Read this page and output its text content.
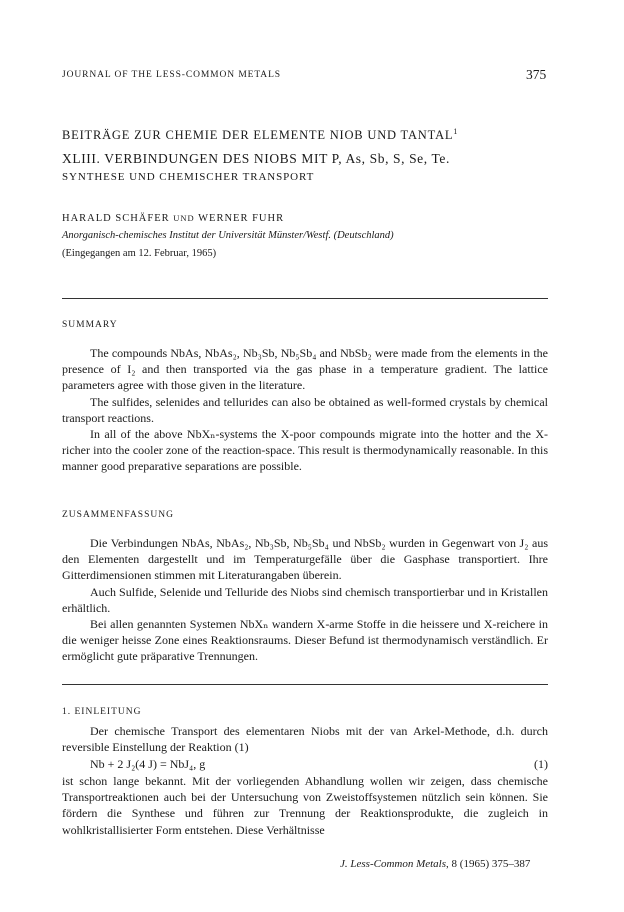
JOURNAL OF THE LESS-COMMON METALS	375
BEITRÄGE ZUR CHEMIE DER ELEMENTE NIOB UND TANTAL$^1$
XLIII. VERBINDUNGEN DES NIOBS MIT P, As, Sb, S, Se, Te.
SYNTHESE UND CHEMISCHER TRANSPORT
HARALD SCHÄFER UND WERNER FUHR
Anorganisch-chemisches Institut der Universität Münster/Westf. (Deutschland)
(Eingegangen am 12. Februar, 1965)
SUMMARY

The compounds NbAs, NbAs₂, Nb₃Sb, Nb₅Sb₄ and NbSb₂ were made from the elements in the presence of I₂ and then transported via the gas phase in a temperature gradient. The lattice parameters agree with those given in the literature.

The sulfides, selenides and tellurides can also be obtained as well-formed crystals by chemical transport reactions.

In all of the above NbXₙ-systems the X-poor compounds migrate into the hotter and the X-richer into the cooler zone of the reaction-space. This result is thermodynamically reasonable. In this manner good preparative separations are possible.

ZUSAMMENFASSUNG

Die Verbindungen NbAs, NbAs₂, Nb₃Sb, Nb₅Sb₄ und NbSb₂ wurden in Gegenwart von J₂ aus den Elementen dargestellt und im Temperaturgefälle über die Gasphase transportiert. Ihre Gitterdimensionen stimmen mit Literaturangaben überein.

Auch Sulfide, Selenide und Telluride des Niobs sind chemisch transportierbar und in Kristallen erhältlich.

Bei allen genannten Systemen NbXₙ wandern X-arme Stoffe in die heissere und X-reichere in die weniger heisse Zone eines Reaktionsraums. Dieser Befund ist thermodynamisch verständlich. Er ermöglicht gute präparative Trennungen.

1. EINLEITUNG

Der chemische Transport des elementaren Niobs mit der van Arkel-Methode, d.h. durch reversible Einstellung der Reaktion (1)

Nb + 2 J₂(4 J) = NbJ₄, g	(1)

ist schon lange bekannt. Mit der vorliegenden Abhandlung wollen wir zeigen, dass chemische Transportreaktionen auch bei der Untersuchung von Zweistoffsystemen nützlich sein können. Sie fördern die Synthese und führen zur Trennung der Reaktionsprodukte, die zugleich in wohlkristallisierter Form entstehen. Diese Verhältnisse

J. Less-Common Metals, 8 (1965) 375–387
